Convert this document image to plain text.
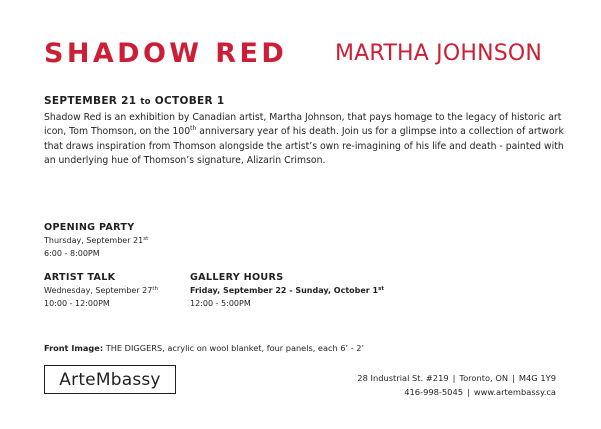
SHADOW RED MARTHA JOHNSON
SEPTEMBER 21 to OCTOBER 1

Shadow Red is an exhibition by Canadian artist, Martha Johnson, that pays homage to the legacy of historic art icon, Tom Thomson, on the 100th anniversary year of his death. Join us for a glimpse into a collection of artwork that draws inspiration from Thomson alongside the artist’s own re-imagining of his life and death - painted with an underlying hue of Thomson’s signature, Alizarin Crimson.

OPENING PARTY
Thursday, September 21st
6:00 - 8:00PM
ARTIST TALK
Wednesday, September 27th
10:00 - 12:00PM
GALLERY HOURS
Friday, September 22 - Sunday, October 1st
12:00 - 5:00PM
Front Image: THE DIGGERS, acrylic on wool blanket, four panels, each 6’ - 2’
ArteMbassy	28 Industrial St. #219 | Toronto, ON | M4G 1Y9
416-998-5045 | www.artembassy.ca
